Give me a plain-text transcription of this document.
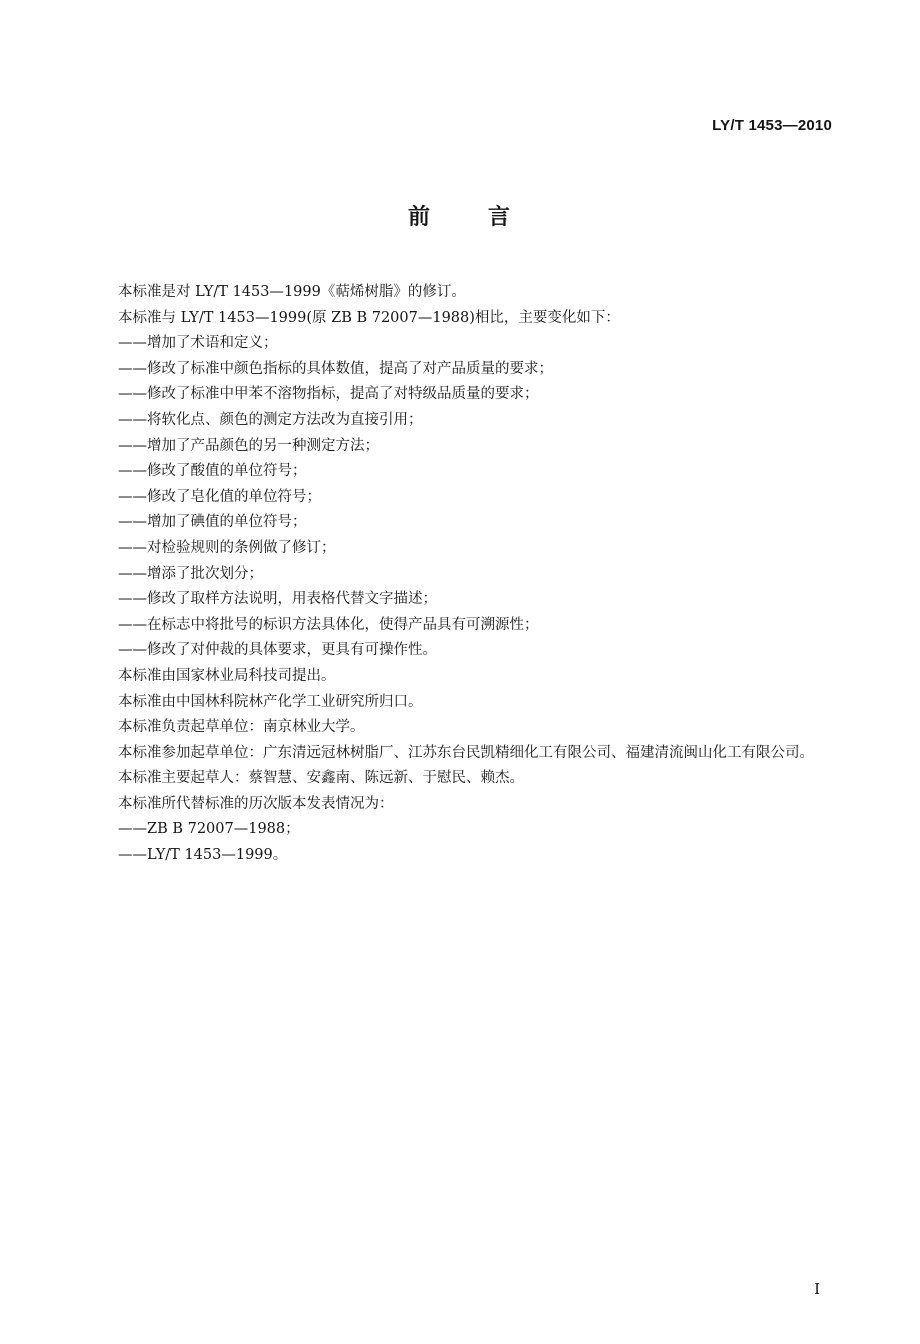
LY/T 1453—2010
前	言

本标准是对 LY/T 1453—1999《萜烯树脂》的修订。

本标准与 LY/T 1453—1999(原 ZB B 72007—1988)相比，主要变化如下：

——增加了术语和定义；

——修改了标准中颜色指标的具体数值，提高了对产品质量的要求；

——修改了标准中甲苯不溶物指标，提高了对特级品质量的要求；

——将软化点、颜色的测定方法改为直接引用；

——增加了产品颜色的另一种测定方法；

——修改了酸值的单位符号；

——修改了皂化值的单位符号；

——增加了碘值的单位符号；

——对检验规则的条例做了修订；

——增添了批次划分；

——修改了取样方法说明，用表格代替文字描述；

——在标志中将批号的标识方法具体化，使得产品具有可溯源性；

——修改了对仲裁的具体要求，更具有可操作性。

本标准由国家林业局科技司提出。

本标准由中国林科院林产化学工业研究所归口。

本标准负责起草单位：南京林业大学。

本标准参加起草单位：广东清远冠林树脂厂、江苏东台民凯精细化工有限公司、福建清流闽山化工有限公司。

本标准主要起草人：蔡智慧、安鑫南、陈远新、于慰民、赖杰。

本标准所代替标准的历次版本发表情况为：

——ZB B 72007—1988；

——LY/T 1453—1999。

I
